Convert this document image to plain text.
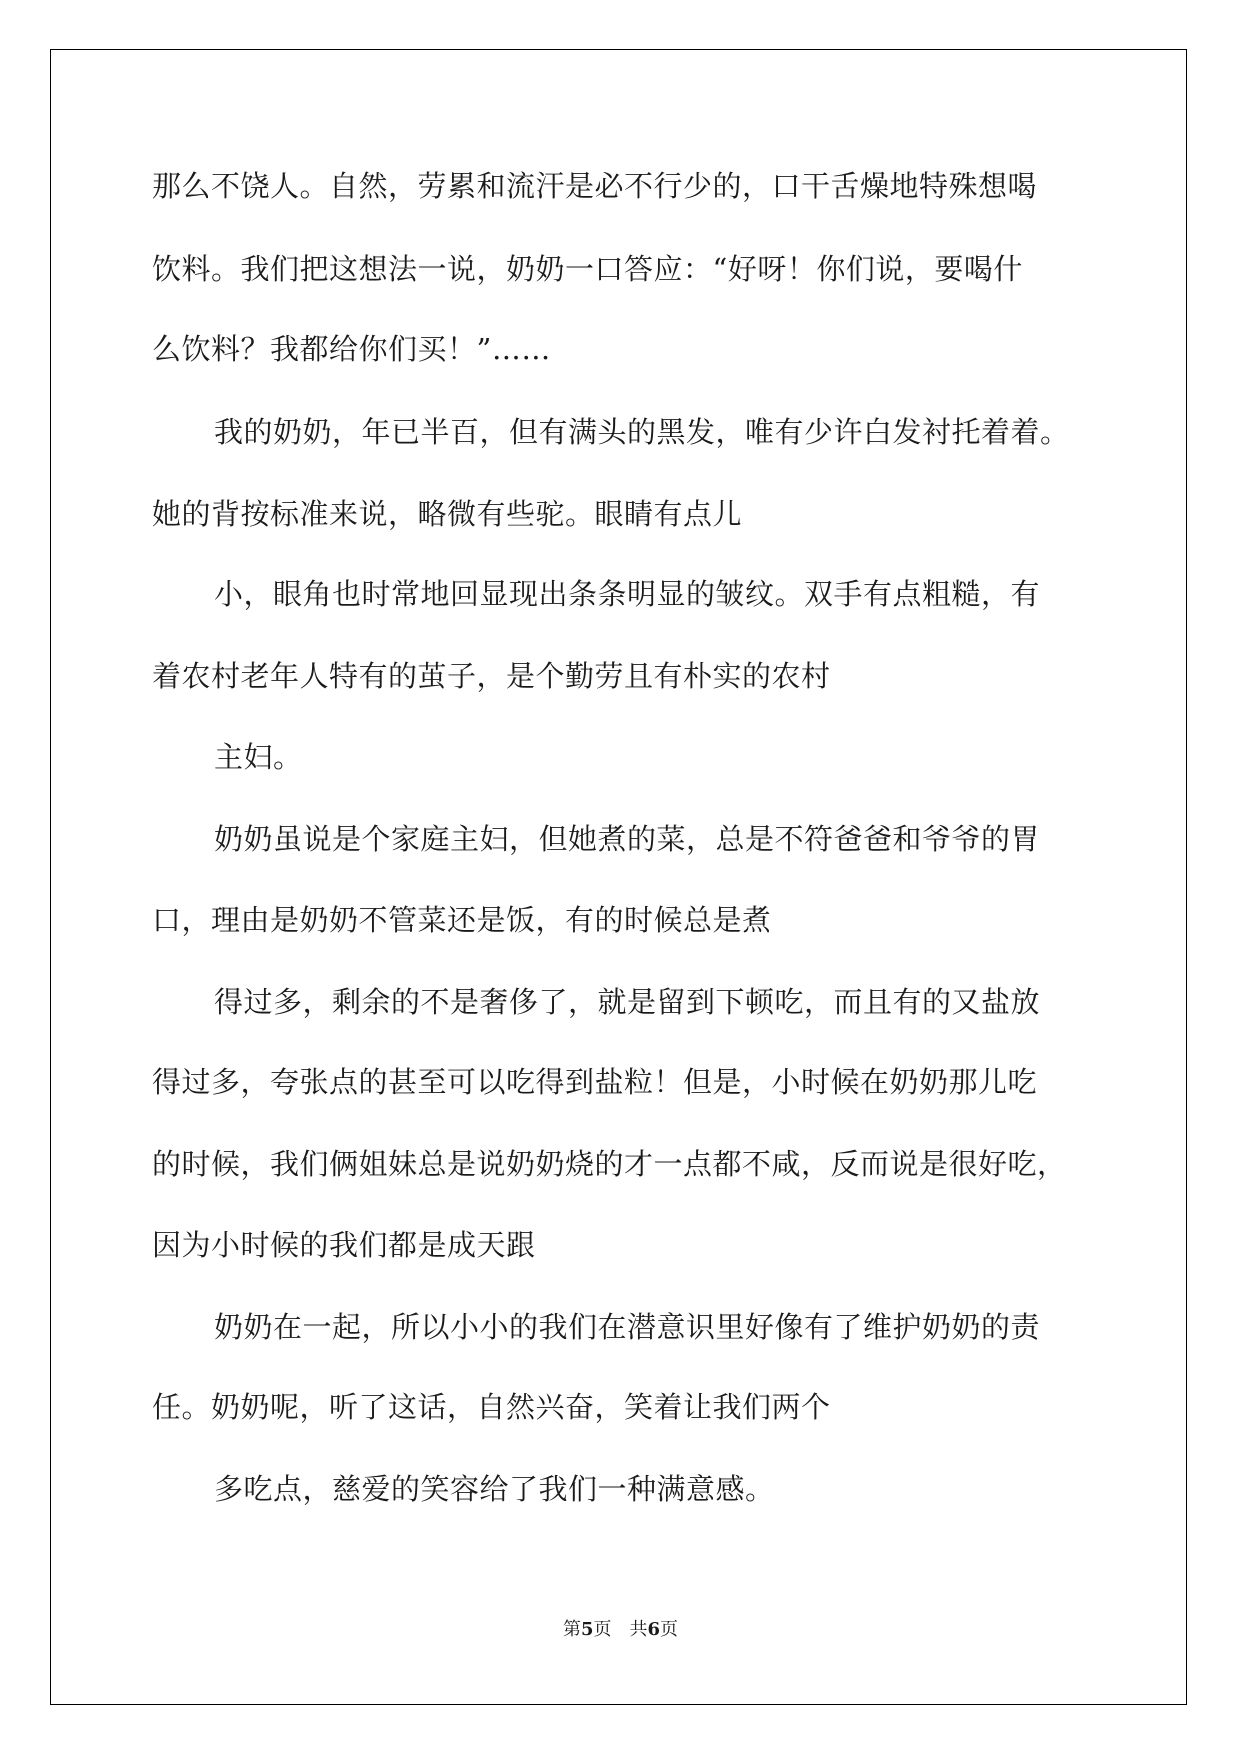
那么不饶人。自然，劳累和流汗是必不行少的，口干舌燥地特殊想喝
饮料。我们把这想法一说，奶奶一口答应：“好呀！你们说，要喝什
么饮料？我都给你们买！”……
我的奶奶，年已半百，但有满头的黑发，唯有少许白发衬托着着。
她的背按标准来说，略微有些驼。眼睛有点儿
小，眼角也时常地回显现出条条明显的皱纹。双手有点粗糙，有
着农村老年人特有的茧子，是个勤劳且有朴实的农村
主妇。
奶奶虽说是个家庭主妇，但她煮的菜，总是不符爸爸和爷爷的胃
口，理由是奶奶不管菜还是饭，有的时候总是煮
得过多，剩余的不是奢侈了，就是留到下顿吃，而且有的又盐放
得过多，夸张点的甚至可以吃得到盐粒！但是，小时候在奶奶那儿吃
的时候，我们俩姐妹总是说奶奶烧的才一点都不咸，反而说是很好吃，
因为小时候的我们都是成天跟
奶奶在一起，所以小小的我们在潜意识里好像有了维护奶奶的责
任。奶奶呢，听了这话，自然兴奋，笑着让我们两个
多吃点，慈爱的笑容给了我们一种满意感。
第5页　共6页
